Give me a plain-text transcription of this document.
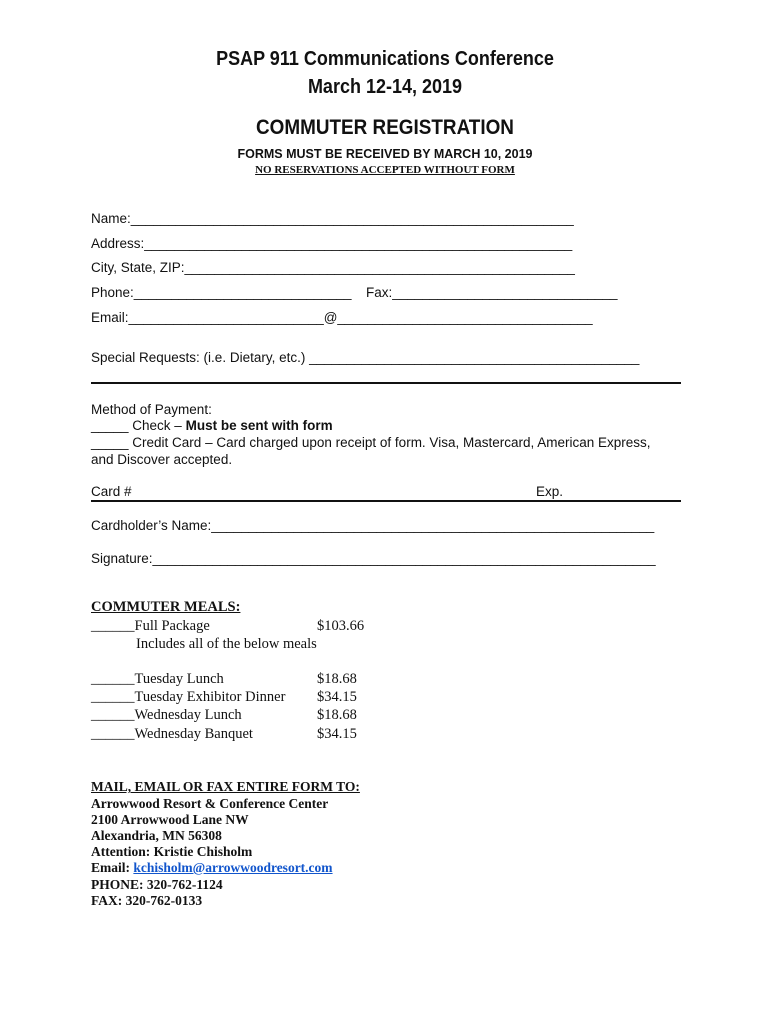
PSAP 911 Communications Conference
March 12-14, 2019
COMMUTER REGISTRATION
FORMS MUST BE RECEIVED BY MARCH 10, 2019
NO RESERVATIONS ACCEPTED WITHOUT FORM
Name:___________________________________________________________
Address:_________________________________________________________
City, State, ZIP:____________________________________________________
Phone:_____________________________ Fax:______________________________
Email:__________________________@__________________________________
Special Requests: (i.e. Dietary, etc.) ____________________________________________
Method of Payment:
_____ Check – Must be sent with form
_____ Credit Card – Card charged upon receipt of form. Visa, Mastercard, American Express,
and Discover accepted.
Card #	Exp.
Cardholder’s Name:___________________________________________________________
Signature:___________________________________________________________________
COMMUTER MEALS:
______Full Package	$103.66
Includes all of the below meals
______Tuesday Lunch	$18.68
______Tuesday Exhibitor Dinner $34.15
______Wednesday Lunch	$18.68
______Wednesday Banquet	$34.15
MAIL, EMAIL OR FAX ENTIRE FORM TO:
Arrowwood Resort & Conference Center
2100 Arrowwood Lane NW
Alexandria, MN 56308
Attention: Kristie Chisholm
Email: kchisholm@arrowwoodresort.com
PHONE: 320-762-1124
FAX: 320-762-0133
